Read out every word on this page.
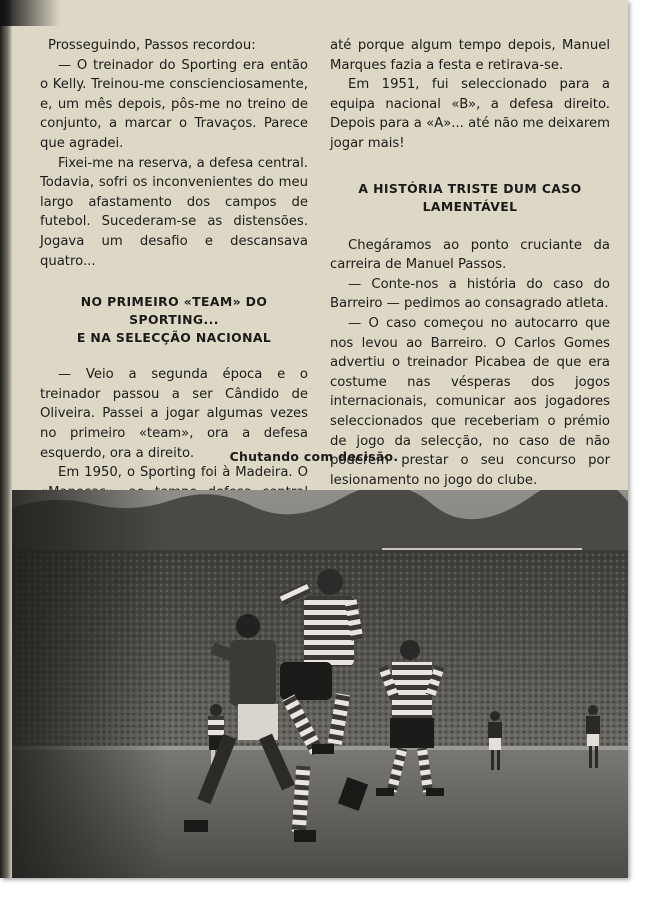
Prosseguindo, Passos recordou:

— O treinador do Sporting era então o Kelly. Treinou-me conscienciosamente, e, um mês depois, pôs-me no treino de conjunto, a marcar o Travaços. Parece que agradei.

Fixei-me na reserva, a defesa central. Todavia, sofri os inconvenientes do meu largo afastamento dos campos de futebol. Sucederam-se as distensões. Jogava um desafio e descansava quatro...

NO PRIMEIRO «TEAM» DO SPORTING...
E NA SELECÇÃO NACIONAL

— Veio a segunda época e o treinador passou a ser Cândido de Oliveira. Passei a jogar algumas vezes no primeiro «team», ora a defesa esquerdo, ora a direito.

Em 1950, o Sporting foi à Madeira. O

até porque algum tempo depois, Manuel Marques fazia a festa e retirava-se.

Em 1951, fui seleccionado para a equipa nacional «B», a defesa direito. Depois para a «A»... até não me deixarem jogar mais!

A HISTÓRIA TRISTE DUM CASO
LAMENTÁVEL

Chegáramos ao ponto cruciante da carreira de Manuel Passos.

— Conte-nos a história do caso do Barreiro — pedimos ao consagrado atleta.

— O caso começou no autocarro que nos levou ao Barreiro. O Carlos Gomes advertiu o treinador Picabea de que era costume nas vésperas dos jogos internacionais, comunicar aos jogadores seleccionados que receberiam o prémio de jogo da selecção, no caso de não poderem prestar o seu concurso por lesionamento no jogo do clube.

Chutando com decisão.
